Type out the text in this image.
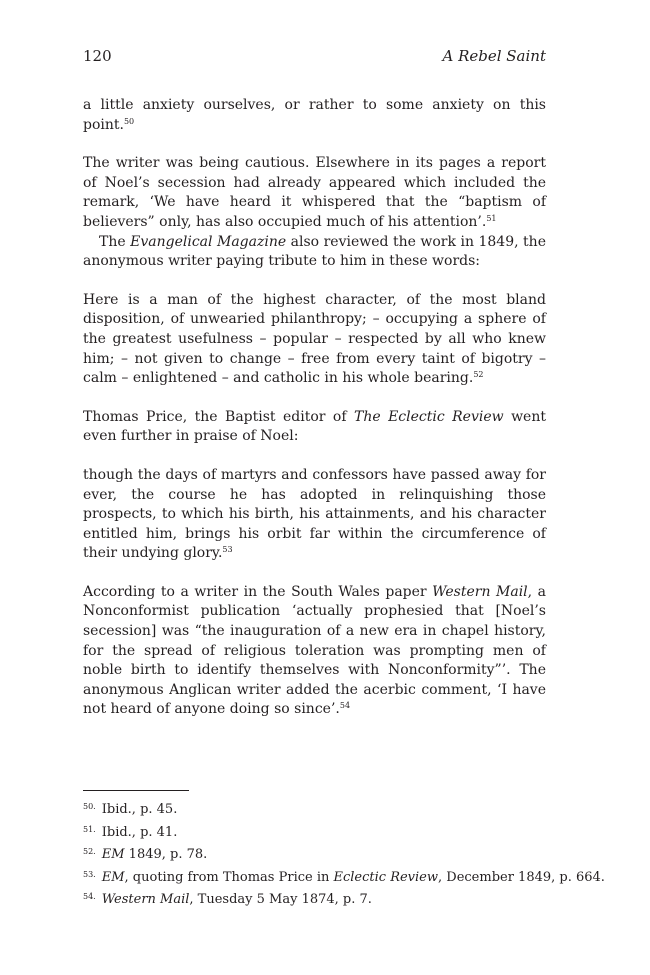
120	A Rebel Saint

a little anxiety ourselves, or rather to some anxiety on this point.$^{50}$

The writer was being cautious. Elsewhere in its pages a report of Noel’s secession had already appeared which included the remark, ‘We have heard it whispered that the “baptism of believers” only, has also occupied much of his attention’.$^{51}$

The Evangelical Magazine also reviewed the work in 1849, the anonymous writer paying tribute to him in these words:

Here is a man of the highest character, of the most bland disposition, of unwearied philanthropy; – occupying a sphere of the greatest usefulness – popular – respected by all who knew him; – not given to change – free from every taint of bigotry – calm – enlightened – and catholic in his whole bearing.$^{52}$

Thomas Price, the Baptist editor of The Eclectic Review went even further in praise of Noel:

though the days of martyrs and confessors have passed away for ever, the course he has adopted in relinquishing those prospects, to which his birth, his attainments, and his character entitled him, brings his orbit far within the circumference of their undying glory.$^{53}$

According to a writer in the South Wales paper Western Mail, a Nonconformist publication ‘actually prophesied that [Noel’s secession] was “the inauguration of a new era in chapel history, for the spread of religious toleration was prompting men of noble birth to identify themselves with Nonconformity”’. The anonymous Anglican writer added the acerbic comment, ‘I have not heard of anyone doing so since’.$^{54}$

$^{50.}$ Ibid., p. 45.
$^{51.}$ Ibid., p. 41.
$^{52.}$ EM 1849, p. 78.
$^{53.}$ EM, quoting from Thomas Price in Eclectic Review, December 1849, p. 664.
$^{54.}$ Western Mail, Tuesday 5 May 1874, p. 7.
